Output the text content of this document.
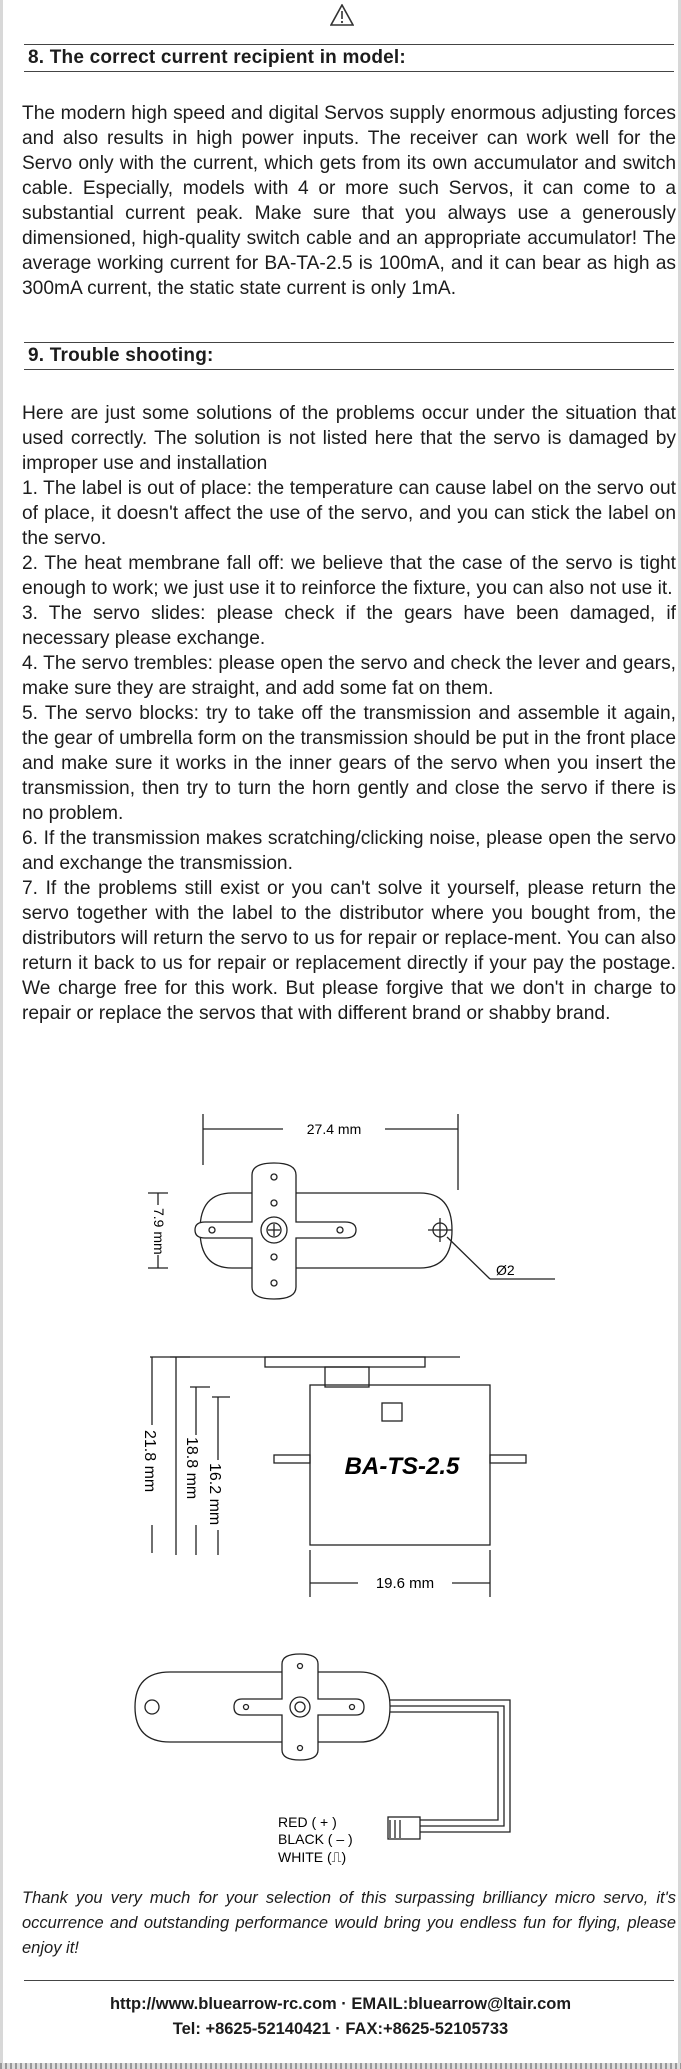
8. The correct current recipient in model:

The modern high speed and digital Servos supply enormous adjusting forces and also results in high power inputs. The receiver can work well for the Servo only with the current, which gets from its own accumulator and switch cable. Especially, models with 4 or more such Servos, it can come to a substantial current peak. Make sure that you always use a generously dimensioned, high-quality switch cable and an appropriate accumulator! The average working current for BA-TA-2.5 is 100mA, and it can bear as high as 300mA current, the static state current is only 1mA.

9. Trouble shooting:

Here are just some solutions of the problems occur under the situation that used correctly. The solution is not listed here that the servo is damaged by improper use and installation

1. The label is out of place: the temperature can cause label on the servo out of place, it doesn't affect the use of the servo, and you can stick the label on the servo.

2. The heat membrane fall off: we believe that the case of the servo is tight enough to work; we just use it to reinforce the fixture, you can also not use it.

3. The servo slides: please check if the gears have been damaged, if necessary please exchange.

4. The servo trembles: please open the servo and check the lever and gears, make sure they are straight, and add some fat on them.

5. The servo blocks: try to take off the transmission and assemble it again, the gear of umbrella form on the transmission should be put in the front place and make sure it works in the inner gears of the servo when you insert the transmission, then try to turn the horn gently and close the servo if there is no problem.

6. If the transmission makes scratching/clicking noise, please open the servo and exchange the transmission.

7. If the problems still exist or you can't solve it yourself, please return the servo together with the label to the distributor where you bought from, the distributors will return the servo to us for repair or replace-ment. You can also return it back to us for repair or replacement directly if your pay the postage. We charge free for this work. But please forgive that we don't in charge to repair or replace the servos that with different brand or shabby brand.

27.4 mm
7.9 mm
Ø2
21.8 mm 18.8 mm 16.2 mm	BA-TS-2.5
19.6 mm
RED ( + )
BLACK ( – )
WHITE (⎍)

Thank you very much for your selection of this surpassing brilliancy micro servo, it's occurrence and outstanding performance would bring you endless fun for flying, please enjoy it!

http://www.bluearrow-rc.com · EMAIL:bluearrow@ltair.com
Tel: +8625-52140421 · FAX:+8625-52105733
